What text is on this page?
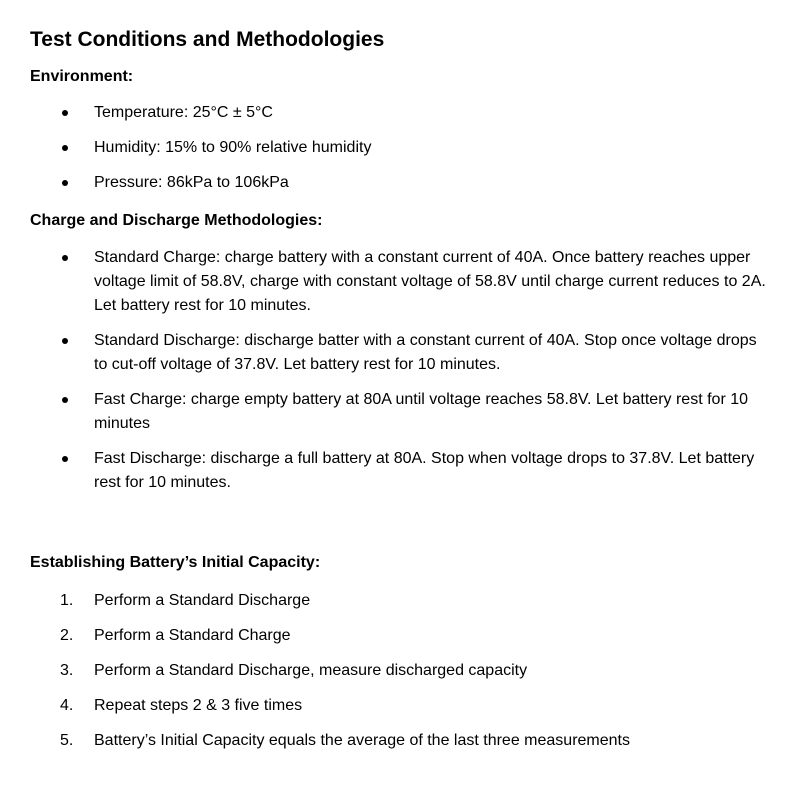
Test Conditions and Methodologies
Environment:
Temperature: 25°C ± 5°C
Humidity: 15% to 90% relative humidity
Pressure: 86kPa to 106kPa
Charge and Discharge Methodologies:
Standard Charge: charge battery with a constant current of 40A. Once battery reaches upper voltage limit of 58.8V, charge with constant voltage of 58.8V until charge current reduces to 2A. Let battery rest for 10 minutes.
Standard Discharge: discharge batter with a constant current of 40A. Stop once voltage drops to cut-off voltage of 37.8V. Let battery rest for 10 minutes.
Fast Charge: charge empty battery at 80A until voltage reaches 58.8V. Let battery rest for 10 minutes
Fast Discharge: discharge a full battery at 80A. Stop when voltage drops to 37.8V. Let battery rest for 10 minutes.
Establishing Battery’s Initial Capacity:
1.	Perform a Standard Discharge
2.	Perform a Standard Charge
3.	Perform a Standard Discharge, measure discharged capacity
4.	Repeat steps 2 & 3 five times
5.	Battery’s Initial Capacity equals the average of the last three measurements
